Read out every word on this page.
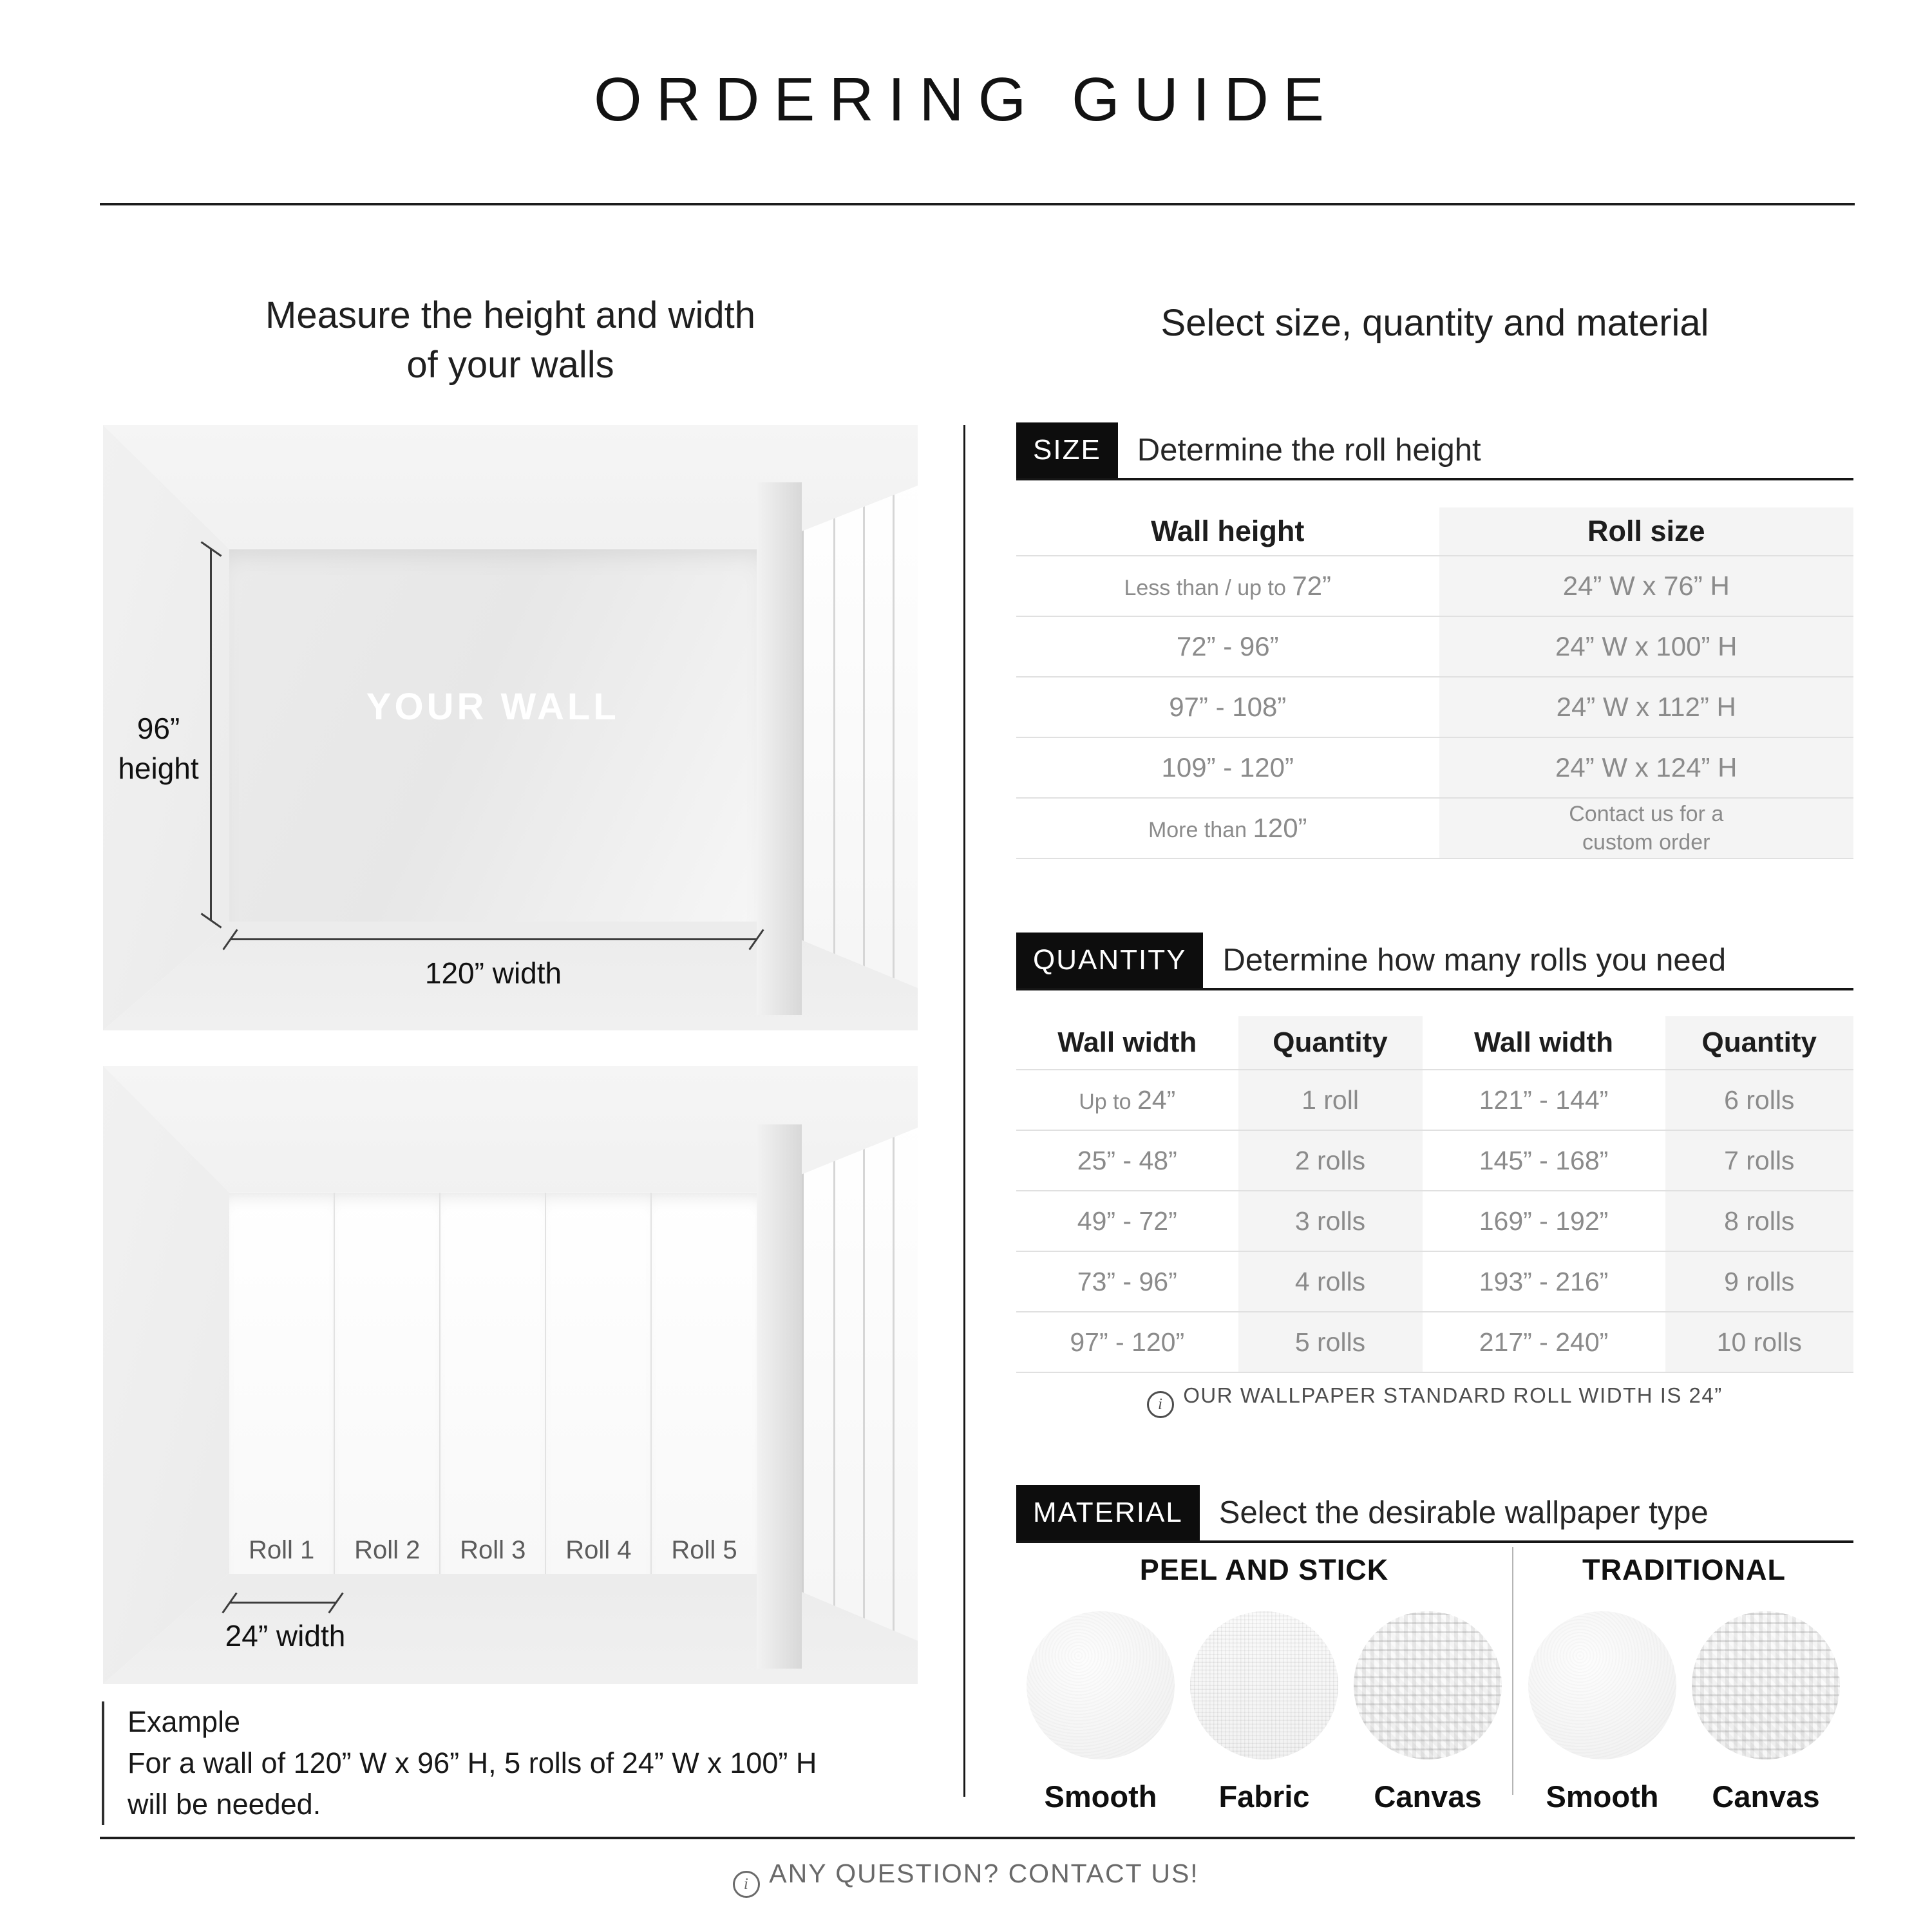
ORDERING GUIDE
Measure the height and width
of your walls
Select size, quantity and material
YOUR WALL
96”
height
120” width
Roll 1	Roll 2	Roll 3	Roll 4	Roll 5
24” width
Example
For a wall of 120” W x 96” H, 5 rolls of 24” W x 100” H
will be needed.
SIZE	Determine the roll height
Wall height	Roll size
Less than / up to 72”	24” W x 76” H
72” - 96”	24” W x 100” H
97” - 108”	24” W x 112” H
109” - 120”	24” W x 124” H
More than 120”	Contact us for a custom order
QUANTITY	Determine how many rolls you need
Wall width	Quantity	Wall width	Quantity
Up to 24”	1 roll	121” - 144”	6 rolls
25” - 48”	2 rolls	145” - 168”	7 rolls
49” - 72”	3 rolls	169” - 192”	8 rolls
73” - 96”	4 rolls	193” - 216”	9 rolls
97” - 120”	5 rolls	217” - 240”	10 rolls
i OUR WALLPAPER STANDARD ROLL WIDTH IS 24”
MATERIAL	Select the desirable wallpaper type
PEEL AND STICK
Smooth Fabric Canvas
TRADITIONAL
Smooth Canvas
i ANY QUESTION? CONTACT US!
